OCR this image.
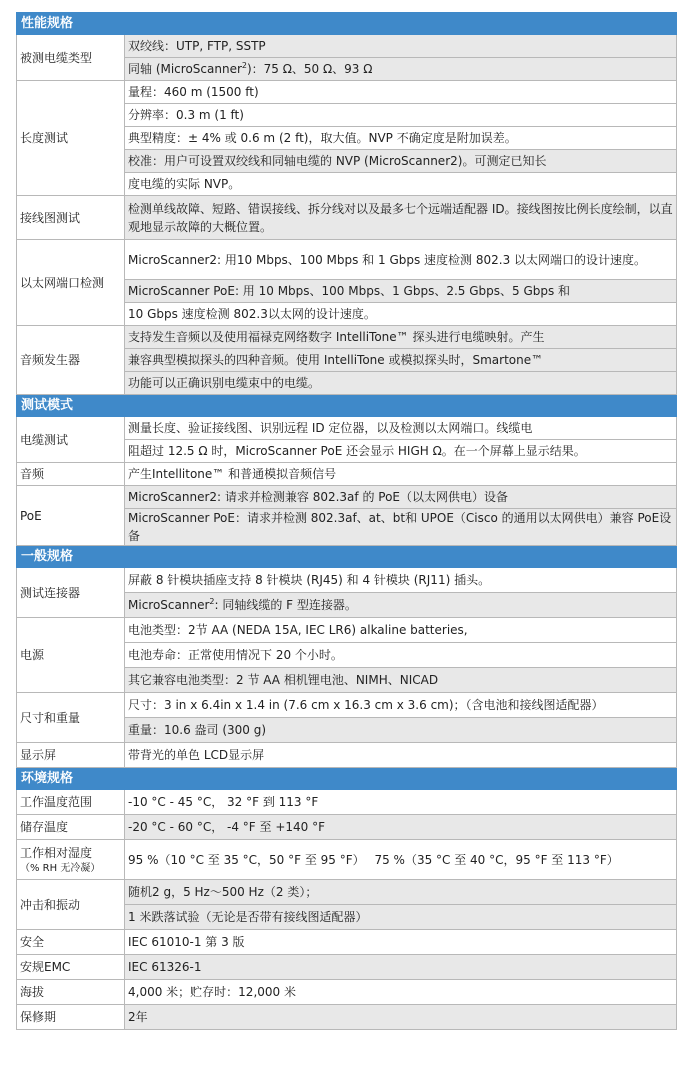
性能规格	
被测电缆类型	双绞线：UTP, FTP, SSTP
	同轴 (MicroScanner$^2$)：75 Ω、50 Ω、93 Ω
长度测试	量程：460 m (1500 ft)
	分辨率：0.3 m (1 ft)
	典型精度：± 4% 或 0.6 m (2 ft)，取大值。NVP 不确定度是附加误差。
	校准：用户可设置双绞线和同轴电缆的 NVP (MicroScanner2)。可测定已知长
	度电缆的实际 NVP。
接线图测试	检测单线故障、短路、错误接线、拆分线对以及最多七个远端适配器 ID。接线图按比例长度绘制，以直观地显示故障的大概位置。
以太网端口检测	MicroScanner2: 用10 Mbps、100 Mbps 和 1 Gbps 速度检测 802.3 以太网端口的设计速度。
	MicroScanner PoE: 用 10 Mbps、100 Mbps、1 Gbps、2.5 Gbps、5 Gbps 和
	10 Gbps 速度检测 802.3以太网的设计速度。
音频发生器	支持发生音频以及使用福禄克网络数字 IntelliTone™ 探头进行电缆映射。产生
	兼容典型模拟探头的四种音频。使用 IntelliTone 或模拟探头时，Smartone™
	功能可以正确识别电缆束中的电缆。
测试模式	
电缆测试	测量长度、验证接线图、识别远程 ID 定位器，以及检测以太网端口。线缆电
	阻超过 12.5 Ω 时，MicroScanner PoE 还会显示 HIGH Ω。在一个屏幕上显示结果。
音频	产生Intellitone™ 和普通模拟音频信号
PoE	MicroScanner2: 请求并检测兼容 802.3af 的 PoE（以太网供电）设备
	MicroScanner PoE：请求并检测 802.3af、at、bt和 UPOE（Cisco 的通用以太网供电）兼容 PoE设备
一般规格	
测试连接器	屏蔽 8 针模块插座支持 8 针模块 (RJ45) 和 4 针模块 (RJ11) 插头。
	MicroScanner$^2$: 同轴线缆的 F 型连接器。
电源	电池类型：2节 AA (NEDA 15A, IEC LR6) alkaline batteries,
	电池寿命：正常使用情况下 20 个小时。
	其它兼容电池类型：2 节 AA 相机锂电池、NIMH、NICAD
尺寸和重量	尺寸：3 in x 6.4in x 1.4 in (7.6 cm x 16.3 cm x 3.6 cm)；（含电池和接线图适配器）
	重量：10.6 盎司 (300 g)
显示屏	带背光的单色 LCD显示屏
环境规格	
工作温度范围	-10 °C - 45 °C， 32 °F 到 113 °F
储存温度	-20 °C - 60 °C， -4 °F 至 +140 °F

工作相对湿度
（% RH 无冷凝）	95 %（10 °C 至 35 °C，50 °F 至 95 °F）　 75 %（35 °C 至 40 °C，95 °F 至 113 °F）
冲击和振动	随机2 g，5 Hz～500 Hz（2 类）；
	1 米跌落试验（无论是否带有接线图适配器）
安全	IEC 61010-1 第 3 版
安规EMC	IEC 61326-1
海拔	4,000 米；贮存时：12,000 米
保修期	2年
